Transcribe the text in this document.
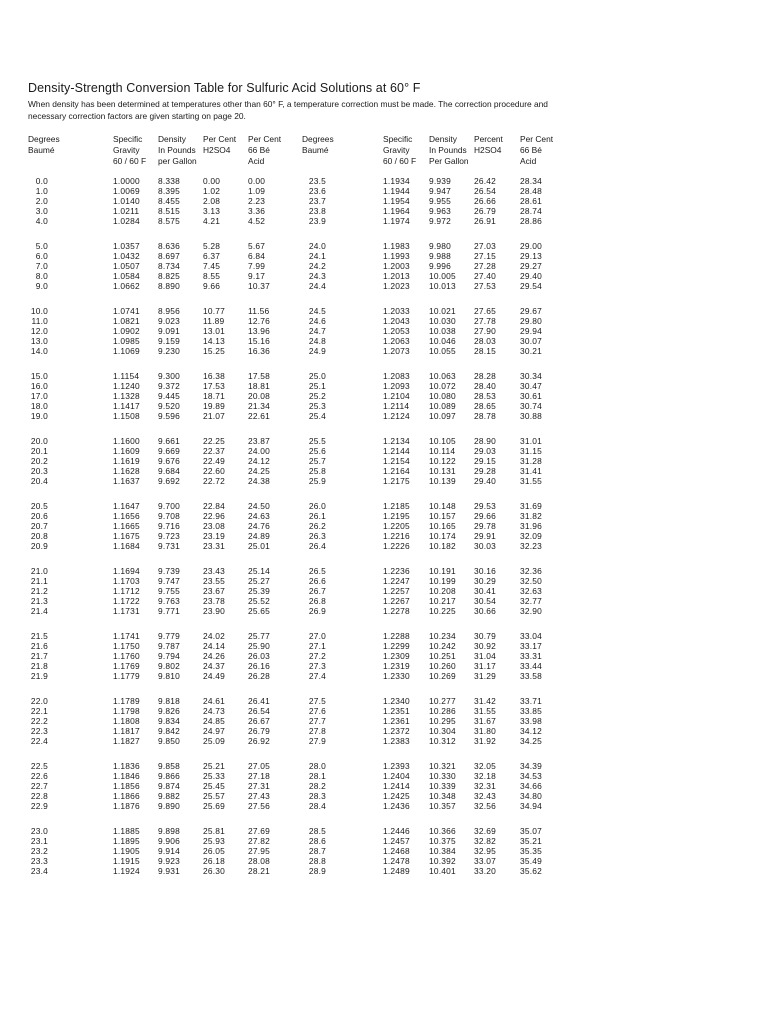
Density-Strength Conversion Table for Sulfuric Acid Solutions at 60° F
When density has been determined at temperatures other than 60° F, a temperature correction must be made. The correction procedure and
necessary correction factors are given starting on page 20.
Degrees
Baumé

Specific
Gravity
60 / 60 F
Density
In Pounds
per Gallon
Per Cent
H2SO4

Per Cent
66 Bé
Acid
0.0
1.0
2.0
3.0
4.0
1.0000
1.0069
1.0140
1.0211
1.0284
8.338
8.395
8.455
8.515
8.575
0.00
1.02
2.08
3.13
4.21
0.00
1.09
2.23
3.36
4.52
5.0
6.0
7.0
8.0
9.0
1.0357
1.0432
1.0507
1.0584
1.0662
8.636
8.697
8.734
8.825
8.890
5.28
6.37
7.45
8.55
9.66
5.67
6.84
7.99
9.17
10.37
10.0
11.0
12.0
13.0
14.0
1.0741
1.0821
1.0902
1.0985
1.1069
8.956
9.023
9.091
9.159
9.230
10.77
11.89
13.01
14.13
15.25
11.56
12.76
13.96
15.16
16.36
15.0
16.0
17.0
18.0
19.0
1.1154
1.1240
1.1328
1.1417
1.1508
9.300
9.372
9.445
9.520
9.596
16.38
17.53
18.71
19.89
21.07
17.58
18.81
20.08
21.34
22.61
20.0
20.1
20.2
20.3
20.4
1.1600
1.1609
1.1619
1.1628
1.1637
9.661
9.669
9.676
9.684
9.692
22.25
22.37
22.49
22.60
22.72
23.87
24.00
24.12
24.25
24.38
20.5
20.6
20.7
20.8
20.9
1.1647
1.1656
1.1665
1.1675
1.1684
9.700
9.708
9.716
9.723
9.731
22.84
22.96
23.08
23.19
23.31
24.50
24.63
24.76
24.89
25.01
21.0
21.1
21.2
21.3
21.4
1.1694
1.1703
1.1712
1.1722
1.1731
9.739
9.747
9.755
9.763
9.771
23.43
23.55
23.67
23.78
23.90
25.14
25.27
25.39
25.52
25.65
21.5
21.6
21.7
21.8
21.9
1.1741
1.1750
1.1760
1.1769
1.1779
9.779
9.787
9.794
9.802
9.810
24.02
24.14
24.26
24.37
24.49
25.77
25.90
26.03
26.16
26.28
22.0
22.1
22.2
22.3
22.4
1.1789
1.1798
1.1808
1.1817
1.1827
9.818
9.826
9.834
9.842
9.850
24.61
24.73
24.85
24.97
25.09
26.41
26.54
26.67
26.79
26.92
22.5
22.6
22.7
22.8
22.9
1.1836
1.1846
1.1856
1.1866
1.1876
9.858
9.866
9.874
9.882
9.890
25.21
25.33
25.45
25.57
25.69
27.05
27.18
27.31
27.43
27.56
23.0
23.1
23.2
23.3
23.4
1.1885
1.1895
1.1905
1.1915
1.1924
9.898
9.906
9.914
9.923
9.931
25.81
25.93
26.05
26.18
26.30
27.69
27.82
27.95
28.08
28.21
Degrees
Baumé

Specific
Gravity
60 / 60 F
Density
In Pounds
Per Gallon
Percent
H2SO4

Per Cent
66 Bé
Acid
23.5
23.6
23.7
23.8
23.9
1.1934
1.1944
1.1954
1.1964
1.1974
9.939
9.947
9.955
9.963
9.972
26.42
26.54
26.66
26.79
26.91
28.34
28.48
28.61
28.74
28.86
24.0
24.1
24.2
24.3
24.4
1.1983
1.1993
1.2003
1.2013
1.2023
9.980
9.988
9.996
10.005
10.013
27.03
27.15
27.28
27.40
27.53
29.00
29.13
29.27
29.40
29.54
24.5
24.6
24.7
24.8
24.9
1.2033
1.2043
1.2053
1.2063
1.2073
10.021
10.030
10.038
10.046
10.055
27.65
27.78
27.90
28.03
28.15
29.67
29.80
29.94
30.07
30.21
25.0
25.1
25.2
25.3
25.4
1.2083
1.2093
1.2104
1.2114
1.2124
10.063
10.072
10.080
10.089
10.097
28.28
28.40
28.53
28.65
28.78
30.34
30.47
30.61
30.74
30.88
25.5
25.6
25.7
25.8
25.9
1.2134
1.2144
1.2154
1.2164
1.2175
10.105
10.114
10.122
10.131
10.139
28.90
29.03
29.15
29.28
29.40
31.01
31.15
31.28
31.41
31.55
26.0
26.1
26.2
26.3
26.4
1.2185
1.2195
1.2205
1.2216
1.2226
10.148
10.157
10.165
10.174
10.182
29.53
29.66
29.78
29.91
30.03
31.69
31.82
31.96
32.09
32.23
26.5
26.6
26.7
26.8
26.9
1.2236
1.2247
1.2257
1.2267
1.2278
10.191
10.199
10.208
10.217
10.225
30.16
30.29
30.41
30.54
30.66
32.36
32.50
32.63
32.77
32.90
27.0
27.1
27.2
27.3
27.4
1.2288
1.2299
1.2309
1.2319
1.2330
10.234
10.242
10.251
10.260
10.269
30.79
30.92
31.04
31.17
31.29
33.04
33.17
33.31
33.44
33.58
27.5
27.6
27.7
27.8
27.9
1.2340
1.2351
1.2361
1.2372
1.2383
10.277
10.286
10.295
10.304
10.312
31.42
31.55
31.67
31.80
31.92
33.71
33.85
33.98
34.12
34.25
28.0
28.1
28.2
28.3
28.4
1.2393
1.2404
1.2414
1.2425
1.2436
10.321
10.330
10.339
10.348
10.357
32.05
32.18
32.31
32.43
32.56
34.39
34.53
34.66
34.80
34.94
28.5
28.6
28.7
28.8
28.9
1.2446
1.2457
1.2468
1.2478
1.2489
10.366
10.375
10.384
10.392
10.401
32.69
32.82
32.95
33.07
33.20
35.07
35.21
35.35
35.49
35.62
